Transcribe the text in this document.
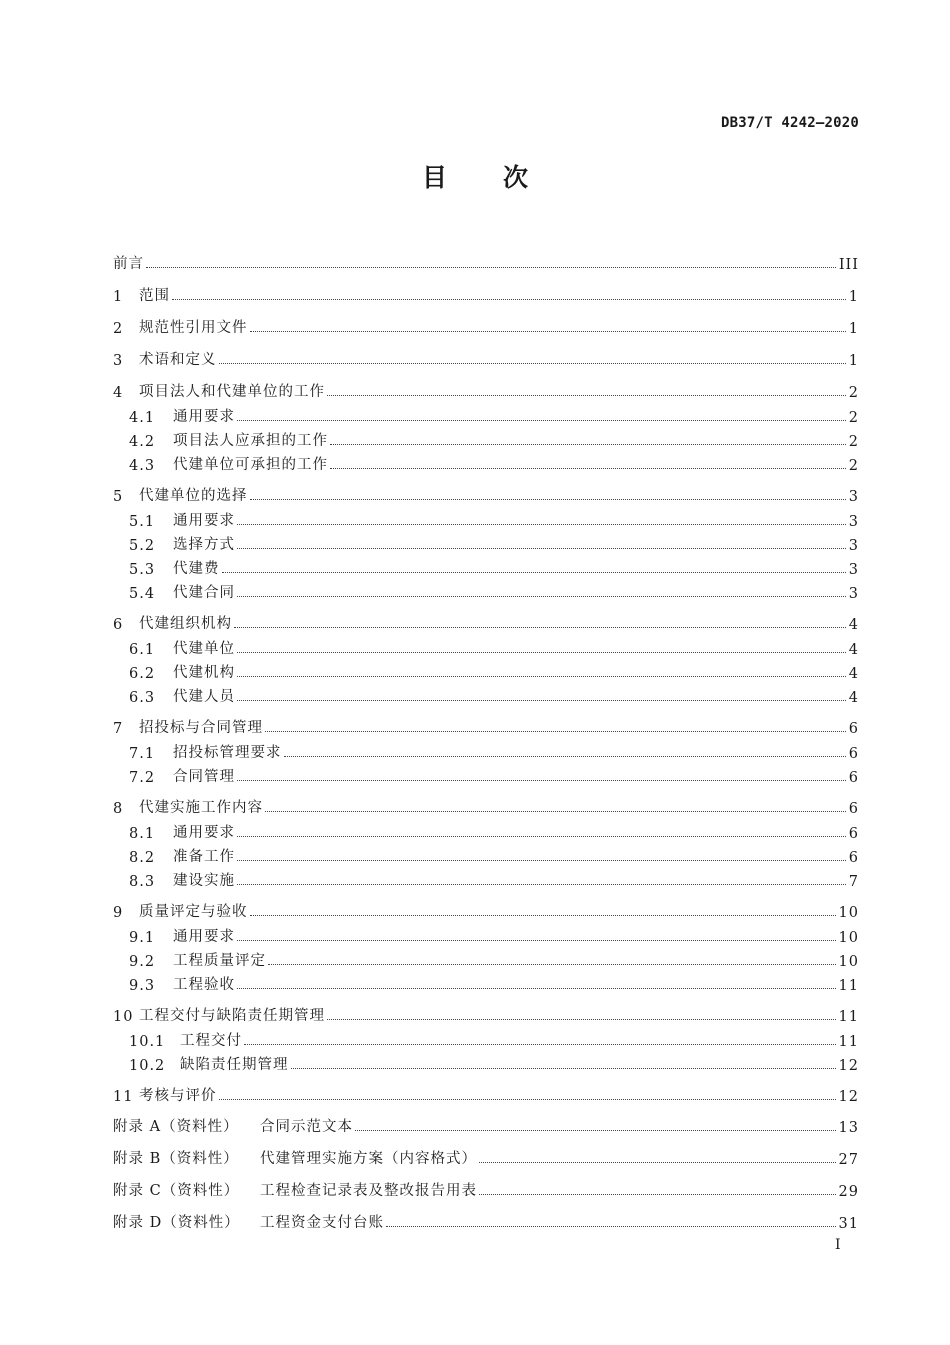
DB37/T 4242—2020
目 次
前言	III
1	范围	1
2	规范性引用文件	1
3	术语和定义	1
4	项目法人和代建单位的工作	2
4.1	通用要求	2
4.2	项目法人应承担的工作	2
4.3	代建单位可承担的工作	2
5	代建单位的选择	3
5.1	通用要求	3
5.2	选择方式	3
5.3	代建费	3
5.4	代建合同	3
6	代建组织机构	4
6.1	代建单位	4
6.2	代建机构	4
6.3	代建人员	4
7	招投标与合同管理	6
7.1	招投标管理要求	6
7.2	合同管理	6
8	代建实施工作内容	6
8.1	通用要求	6
8.2	准备工作	6
8.3	建设实施	7
9	质量评定与验收	10
9.1	通用要求	10
9.2	工程质量评定	10
9.3	工程验收	11
10 工程交付与缺陷责任期管理	11
10.1	工程交付	11
10.2	缺陷责任期管理	12
11 考核与评价	12
附录 A（资料性）	合同示范文本	13
附录 B（资料性）	代建管理实施方案（内容格式）	27
附录 C（资料性）	工程检查记录表及整改报告用表	29
附录 D（资料性）	工程资金支付台账	31
I
